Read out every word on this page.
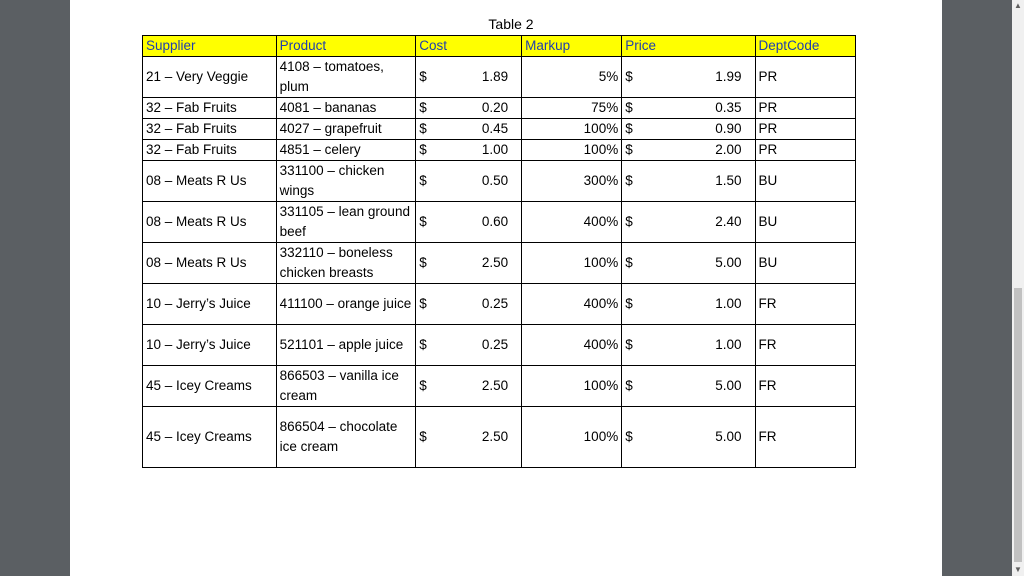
Table 2
Supplier	Product	Cost	Markup	Price	DeptCode
21 – Very Veggie	4108 – tomatoes, plum	$ 1.89	5%	$ 1.99	PR
32 – Fab Fruits	4081 – bananas	$ 0.20	75%	$ 0.35	PR
32 – Fab Fruits	4027 – grapefruit	$ 0.45	100%	$ 0.90	PR
32 – Fab Fruits	4851 – celery	$ 1.00	100%	$ 2.00	PR
08 – Meats R Us	331100 – chicken wings	$ 0.50	300%	$ 1.50	BU
08 – Meats R Us	331105 – lean ground beef	$ 0.60	400%	$ 2.40	BU
08 – Meats R Us	332110 – boneless chicken breasts	$ 2.50	100%	$ 5.00	BU
10 – Jerry’s Juice	411100 – orange juice	$ 0.25	400%	$ 1.00	FR
10 – Jerry’s Juice	521101 – apple juice	$ 0.25	400%	$ 1.00	FR
45 – Icey Creams	866503 – vanilla ice cream	$ 2.50	100%	$ 5.00	FR
45 – Icey Creams	866504 – chocolate ice cream	$ 2.50	100%	$ 5.00	FR
▲
▼
